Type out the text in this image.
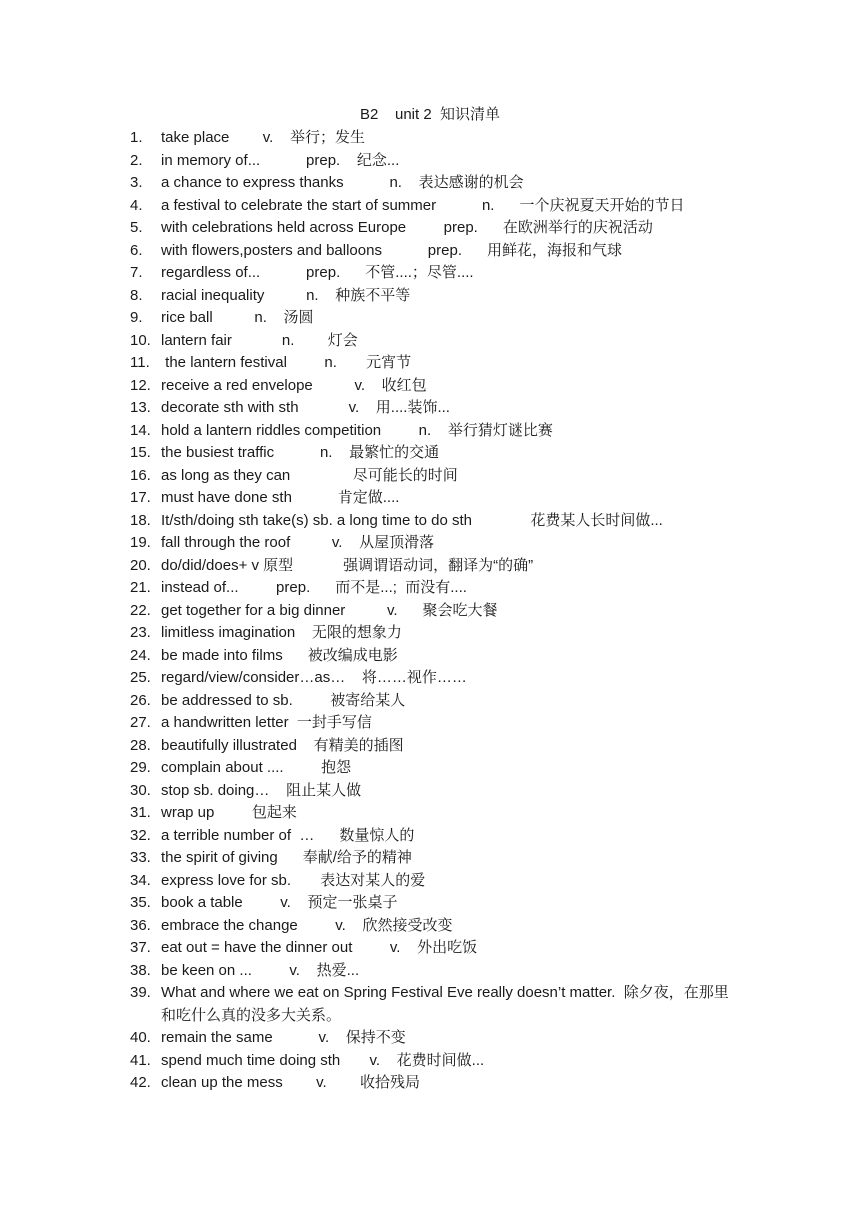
B2    unit 2  知识清单
1.	take place        v.    举行；发生
2.	in memory of...           prep.    纪念...
3.	a chance to express thanks           n.    表达感谢的机会
4.	a festival to celebrate the start of summer           n.      一个庆祝夏天开始的节日
5.	with celebrations held across Europe         prep.      在欧洲举行的庆祝活动
6.	with flowers,posters and balloons           prep.      用鲜花，海报和气球
7.	regardless of...           prep.      不管....；尽管....
8.	racial inequality          n.    种族不平等
9.	rice ball          n.    汤圆
10. lantern fair            n.        灯会
11. the lantern festival         n.       元宵节
12. receive a red envelope          v.    收红包
13. decorate sth with sth            v.    用....装饰...
14. hold a lantern riddles competition         n.    举行猜灯谜比赛
15. the busiest traffic           n.    最繁忙的交通
16. as long as they can               尽可能长的时间
17. must have done sth           肯定做....
18. It/sth/doing sth take(s) sb. a long time to do sth              花费某人长时间做...
19. fall through the roof          v.    从屋顶滑落
20. do/did/does+ v 原型            强调谓语动词，翻译为“的确”
21. instead of...         prep.      而不是...;  而没有....
22. get together for a big dinner          v.      聚会吃大餐
23. limitless imagination    无限的想象力
24. be made into films      被改编成电影
25. regard/view/consider…as…    将……视作……
26. be addressed to sb.         被寄给某人
27. a handwritten letter  一封手写信
28. beautifully illustrated    有精美的插图
29. complain about ....         抱怨
30. stop sb. doing…    阻止某人做
31. wrap up         包起来
32. a terrible number of  …      数量惊人的
33. the spirit of giving      奉献/给予的精神
34. express love for sb.       表达对某人的爱
35. book a table         v.    预定一张桌子
36. embrace the change         v.    欣然接受改变
37. eat out = have the dinner out         v.    外出吃饭
38. be keen on ...         v.    热爱...
39. What and where we eat on Spring Festival Eve really doesn’t matter.  除夕夜，在那里和吃什么真的没多大关系。
40. remain the same           v.    保持不变
41. spend much time doing sth       v.    花费时间做...
42. clean up the mess        v.        收拾残局
